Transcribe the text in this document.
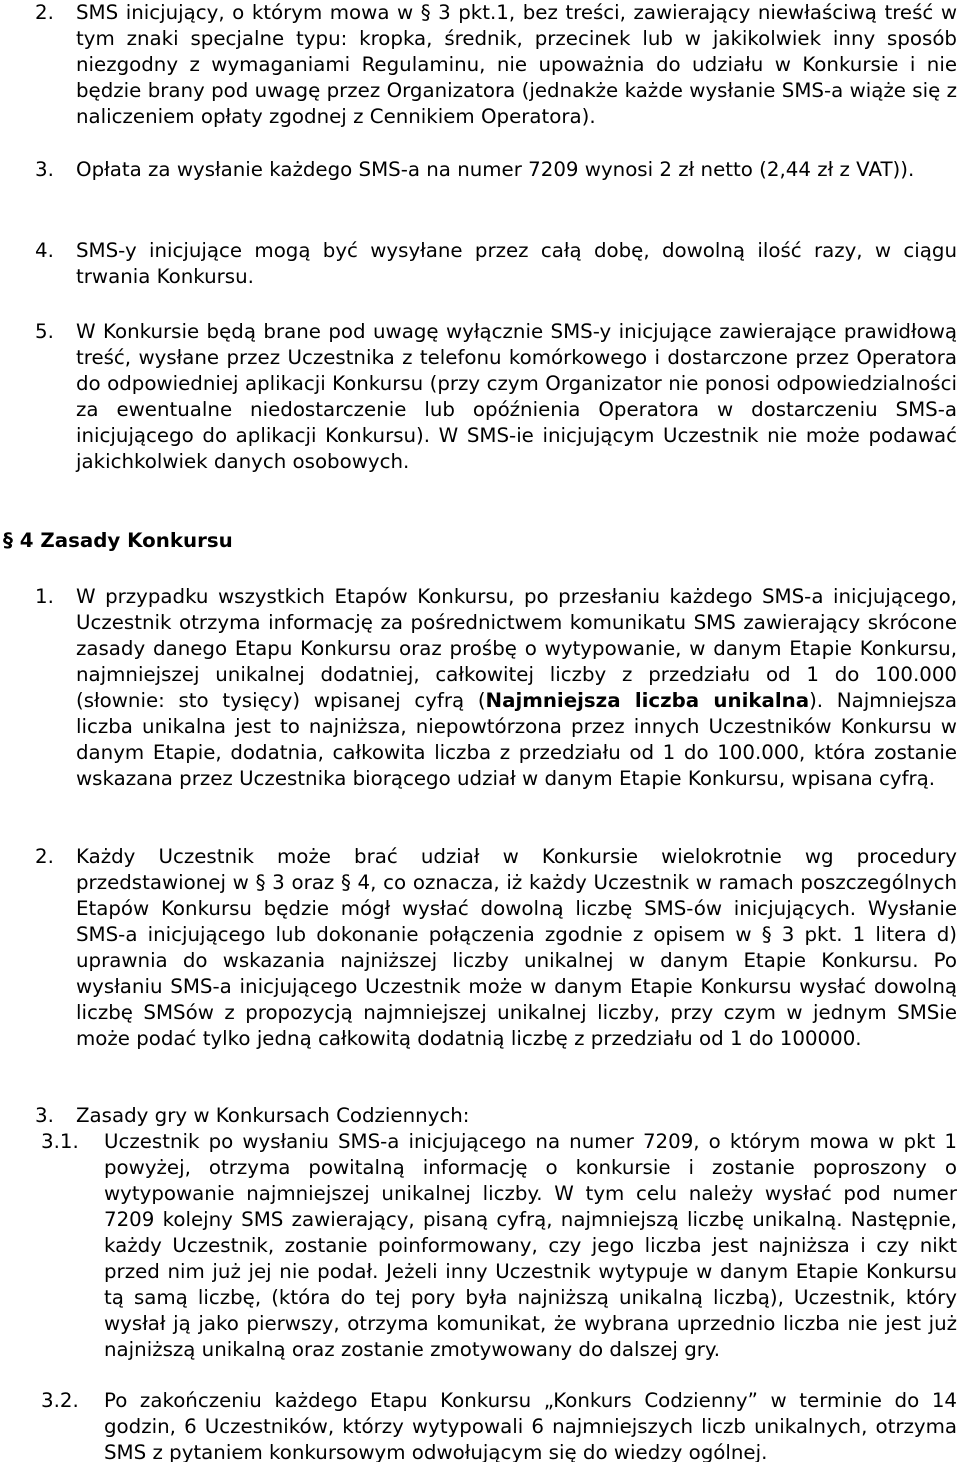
2. SMS inicjujący, o którym mowa w § 3 pkt.1, bez treści, zawierający niewłaściwą treść w tym znaki specjalne typu: kropka, średnik, przecinek lub w jakikolwiek inny sposób niezgodny z wymaganiami Regulaminu, nie upoważnia do udziału w Konkursie i nie będzie brany pod uwagę przez Organizatora (jednakże każde wysłanie SMS-a wiąże się z naliczeniem opłaty zgodnej z Cennikiem Operatora).
3. Opłata za wysłanie każdego SMS-a na numer 7209 wynosi 2 zł netto (2,44 zł z VAT)).
4. SMS-y inicjujące mogą być wysyłane przez całą dobę, dowolną ilość razy, w ciągu trwania Konkursu.
5. W Konkursie będą brane pod uwagę wyłącznie SMS-y inicjujące zawierające prawidłową treść, wysłane przez Uczestnika z telefonu komórkowego i dostarczone przez Operatora do odpowiedniej aplikacji Konkursu (przy czym Organizator nie ponosi odpowiedzialności za ewentualne niedostarczenie lub opóźnienia Operatora w dostarczeniu SMS-a inicjującego do aplikacji Konkursu). W SMS-ie inicjującym Uczestnik nie może podawać jakichkolwiek danych osobowych.
§ 4 Zasady Konkursu
1. W przypadku wszystkich Etapów Konkursu, po przesłaniu każdego SMS-a inicjującego, Uczestnik otrzyma informację za pośrednictwem komunikatu SMS zawierający skrócone zasady danego Etapu Konkursu oraz prośbę o wytypowanie, w danym Etapie Konkursu, najmniejszej unikalnej dodatniej, całkowitej liczby z przedziału od 1 do 100.000 (słownie: sto tysięcy) wpisanej cyfrą (Najmniejsza liczba unikalna). Najmniejsza liczba unikalna jest to najniższa, niepowtórzona przez innych Uczestników Konkursu w danym Etapie, dodatnia, całkowita liczba z przedziału od 1 do 100.000, która zostanie wskazana przez Uczestnika biorącego udział w danym Etapie Konkursu, wpisana cyfrą.
2. Każdy Uczestnik może brać udział w Konkursie wielokrotnie wg procedury przedstawionej w § 3 oraz § 4, co oznacza, iż każdy Uczestnik w ramach poszczególnych Etapów Konkursu będzie mógł wysłać dowolną liczbę SMS-ów inicjujących. Wysłanie SMS-a inicjującego lub dokonanie połączenia zgodnie z opisem w § 3 pkt. 1 litera d) uprawnia do wskazania najniższej liczby unikalnej w danym Etapie Konkursu. Po wysłaniu SMS-a inicjującego Uczestnik może w danym Etapie Konkursu wysłać dowolną liczbę SMSów z propozycją najmniejszej unikalnej liczby, przy czym w jednym SMSie może podać tylko jedną całkowitą dodatnią liczbę z przedziału od 1 do 100000.
3. Zasady gry w Konkursach Codziennych:
3.1. Uczestnik po wysłaniu SMS-a inicjującego na numer 7209, o którym mowa w pkt 1 powyżej, otrzyma powitalną informację o konkursie i zostanie poproszony o wytypowanie najmniejszej unikalnej liczby. W tym celu należy wysłać pod numer 7209 kolejny SMS zawierający, pisaną cyfrą, najmniejszą liczbę unikalną. Następnie, każdy Uczestnik, zostanie poinformowany, czy jego liczba jest najniższa i czy nikt przed nim już jej nie podał. Jeżeli inny Uczestnik wytypuje w danym Etapie Konkursu tą samą liczbę, (która do tej pory była najniższą unikalną liczbą), Uczestnik, który wysłał ją jako pierwszy, otrzyma komunikat, że wybrana uprzednio liczba nie jest już najniższą unikalną oraz zostanie zmotywowany do dalszej gry.
3.2. Po zakończeniu każdego Etapu Konkursu „Konkurs Codzienny” w terminie do 14 godzin, 6 Uczestników, którzy wytypowali 6 najmniejszych liczb unikalnych, otrzyma SMS z pytaniem konkursowym odwołującym się do wiedzy ogólnej.
